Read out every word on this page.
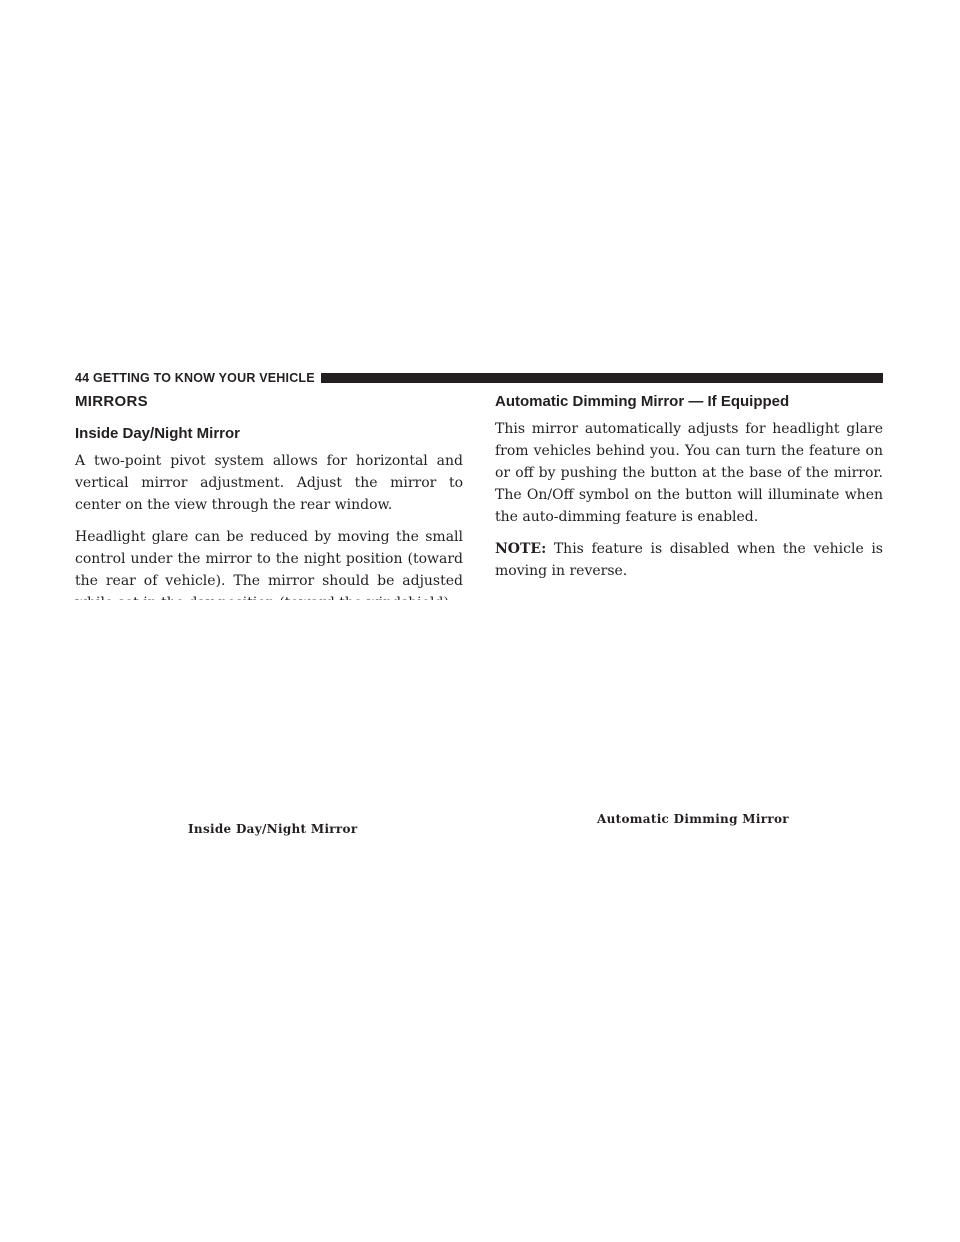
44 GETTING TO KNOW YOUR VEHICLE
MIRRORS
Inside Day/Night Mirror

A two-point pivot system allows for horizontal and vertical mirror adjustment. Adjust the mirror to center on the view through the rear window.

Headlight glare can be reduced by moving the small control under the mirror to the night position (toward the rear of vehicle). The mirror should be adjusted

Inside Day/Night Mirror
Automatic Dimming Mirror — If Equipped

This mirror automatically adjusts for headlight glare from vehicles behind you. You can turn the feature on or off by pushing the button at the base of the mirror. The On/Off symbol on the button will illuminate when the auto-dimming feature is enabled.

NOTE: This feature is disabled when the vehicle is moving in reverse.

Automatic Dimming Mirror
